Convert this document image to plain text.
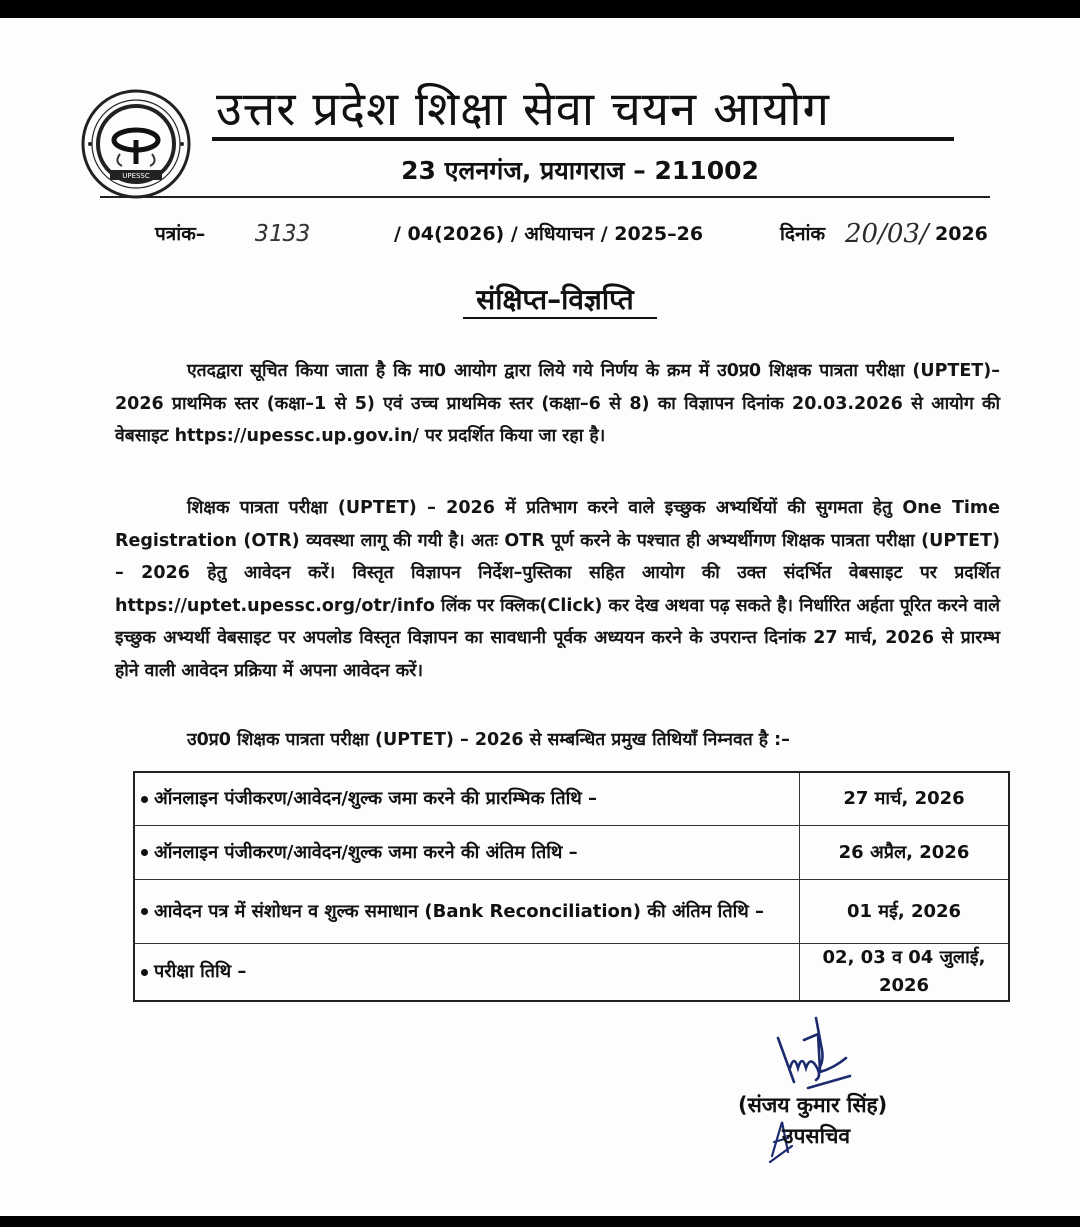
UPESSC
उत्तर प्रदेश शिक्षा सेवा चयन आयोग
23 एलनगंज, प्रयागराज – 211002
पत्रांक– 3133	/ 04(2026) / अधियाचन / 2025–26	दिनांक 20/03/ 2026
संक्षिप्त–विज्ञप्ति
एतदद्वारा सूचित किया जाता है कि मा0 आयोग द्वारा लिये गये निर्णय के क्रम में उ0प्र0 शिक्षक पात्रता परीक्षा (UPTET)–2026 प्राथमिक स्तर (कक्षा–1 से 5) एवं उच्च प्राथमिक स्तर (कक्षा–6 से 8) का विज्ञापन दिनांक 20.03.2026 से आयोग की वेबसाइट https://upessc.up.gov.in/ पर प्रदर्शित किया जा रहा है।
शिक्षक पात्रता परीक्षा (UPTET) – 2026 में प्रतिभाग करने वाले इच्छुक अभ्यर्थियों की सुगमता हेतु One Time Registration (OTR) व्यवस्था लागू की गयी है। अतः OTR पूर्ण करने के पश्चात ही अभ्यर्थीगण शिक्षक पात्रता परीक्षा (UPTET) – 2026 हेतु आवेदन करें। विस्तृत विज्ञापन निर्देश–पुस्तिका सहित आयोग की उक्त संदर्भित वेबसाइट पर प्रदर्शित https://uptet.upessc.org/otr/info लिंक पर क्लिक(Click) कर देख अथवा पढ़ सकते है। निर्धारित अर्हता पूरित करने वाले इच्छुक अभ्यर्थी वेबसाइट पर अपलोड विस्तृत विज्ञापन का सावधानी पूर्वक अध्ययन करने के उपरान्त दिनांक 27 मार्च, 2026 से प्रारम्भ होने वाली आवेदन प्रक्रिया में अपना आवेदन करें।
उ0प्र0 शिक्षक पात्रता परीक्षा (UPTET) – 2026 से सम्बन्धित प्रमुख तिथियाँ निम्नवत है :–
ऑनलाइन पंजीकरण/आवेदन/शुल्क जमा करने की प्रारम्भिक तिथि –	27 मार्च, 2026
ऑनलाइन पंजीकरण/आवेदन/शुल्क जमा करने की अंतिम तिथि –	26 अप्रैल, 2026
आवेदन पत्र में संशोधन व शुल्क समाधान (Bank Reconciliation) की अंतिम तिथि –	01 मई, 2026
परीक्षा तिथि –	02, 03 व 04 जुलाई, 2026
(संजय कुमार सिंह)
उपसचिव
